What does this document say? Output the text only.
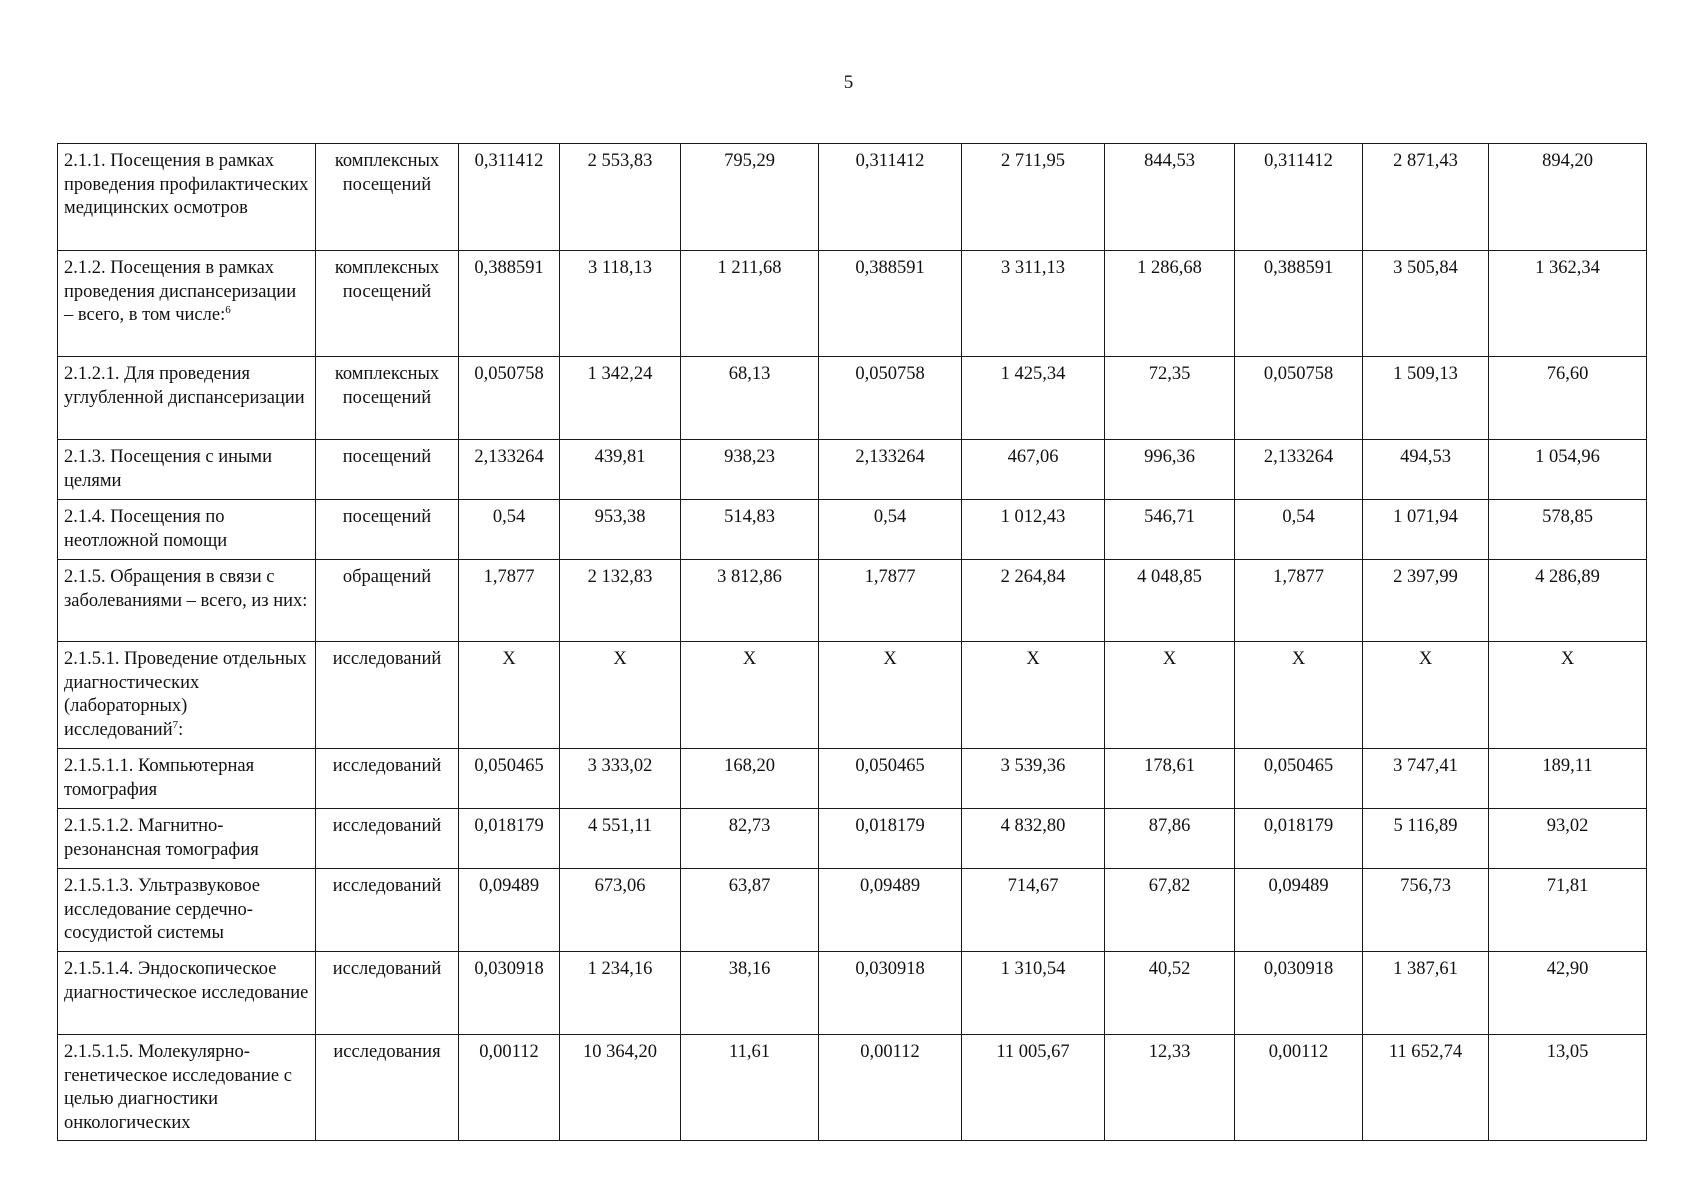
5
2.1.1. Посещения в рамках проведения профилактических медицинских осмотров	комплексных посещений	0,311412	2 553,83	795,29	0,311412	2 711,95	844,53	0,311412	2 871,43	894,20
2.1.2. Посещения в рамках проведения диспансеризации – всего, в том числе:$^6$	комплексных посещений	0,388591	3 118,13	1 211,68	0,388591	3 311,13	1 286,68	0,388591	3 505,84	1 362,34
2.1.2.1. Для проведения углубленной диспансеризации	комплексных посещений	0,050758	1 342,24	68,13	0,050758	1 425,34	72,35	0,050758	1 509,13	76,60
2.1.3. Посещения с иными целями	посещений	2,133264	439,81	938,23	2,133264	467,06	996,36	2,133264	494,53	1 054,96
2.1.4. Посещения по неотложной помощи	посещений	0,54	953,38	514,83	0,54	1 012,43	546,71	0,54	1 071,94	578,85
2.1.5. Обращения в связи с заболеваниями – всего, из них:	обращений	1,7877	2 132,83	3 812,86	1,7877	2 264,84	4 048,85	1,7877	2 397,99	4 286,89
2.1.5.1. Проведение отдельных диагностических (лабораторных) исследований$^7$:	исследований	Х	Х	Х	Х	Х	Х	Х	Х	Х
2.1.5.1.1. Компьютерная томография	исследований	0,050465	3 333,02	168,20	0,050465	3 539,36	178,61	0,050465	3 747,41	189,11
2.1.5.1.2. Магнитно-резонансная томография	исследований	0,018179	4 551,11	82,73	0,018179	4 832,80	87,86	0,018179	5 116,89	93,02
2.1.5.1.3. Ультразвуковое исследование сердечно-сосудистой системы	исследований	0,09489	673,06	63,87	0,09489	714,67	67,82	0,09489	756,73	71,81
2.1.5.1.4. Эндоскопическое диагностическое исследование	исследований	0,030918	1 234,16	38,16	0,030918	1 310,54	40,52	0,030918	1 387,61	42,90
2.1.5.1.5. Молекулярно-генетическое исследование с целью диагностики онкологических	исследования	0,00112	10 364,20	11,61	0,00112	11 005,67	12,33	0,00112	11 652,74	13,05
